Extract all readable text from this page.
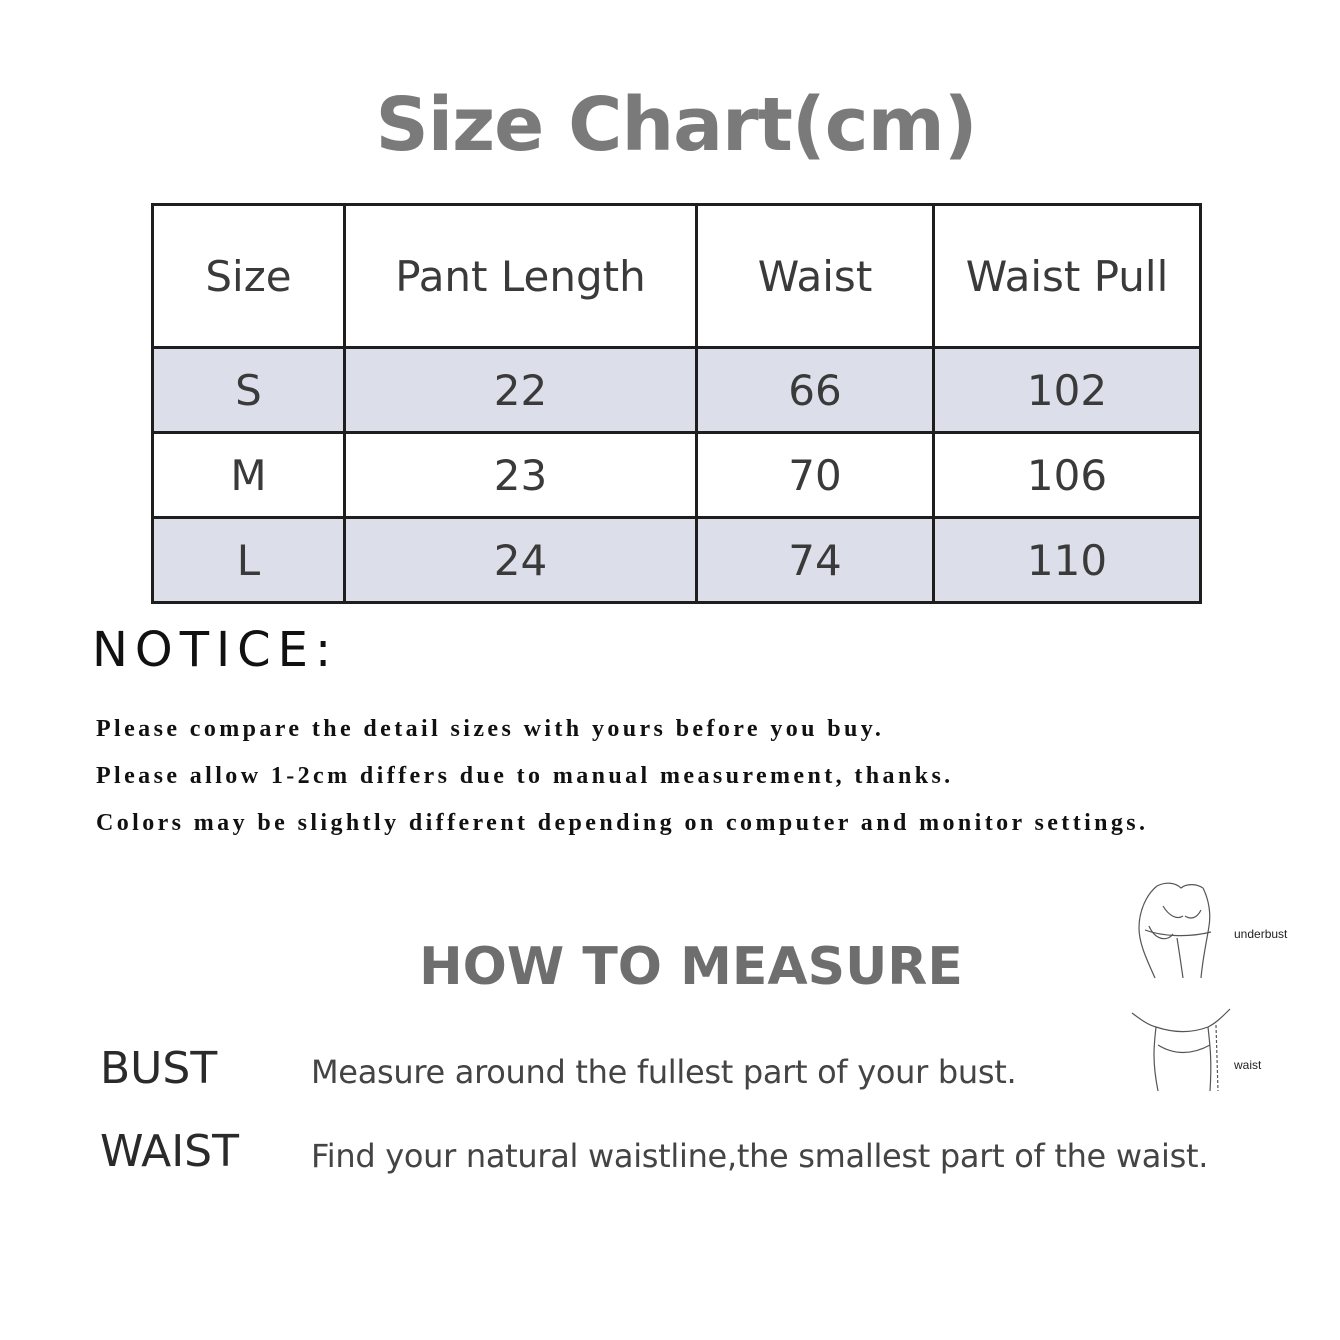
Size Chart(cm)
Size	Pant Length	Waist	Waist Pull
S	22	66	102
M	23	70	106
L	24	74	110
NOTICE:
Please compare the detail sizes with yours before you buy.
Please allow 1-2cm differs due to manual measurement, thanks.
Colors may be slightly different depending on computer and monitor settings.
HOW TO MEASURE
BUST	Measure around the fullest part of your bust.
WAIST Find your natural waistline,the smallest part of the waist.
underbust
waist
